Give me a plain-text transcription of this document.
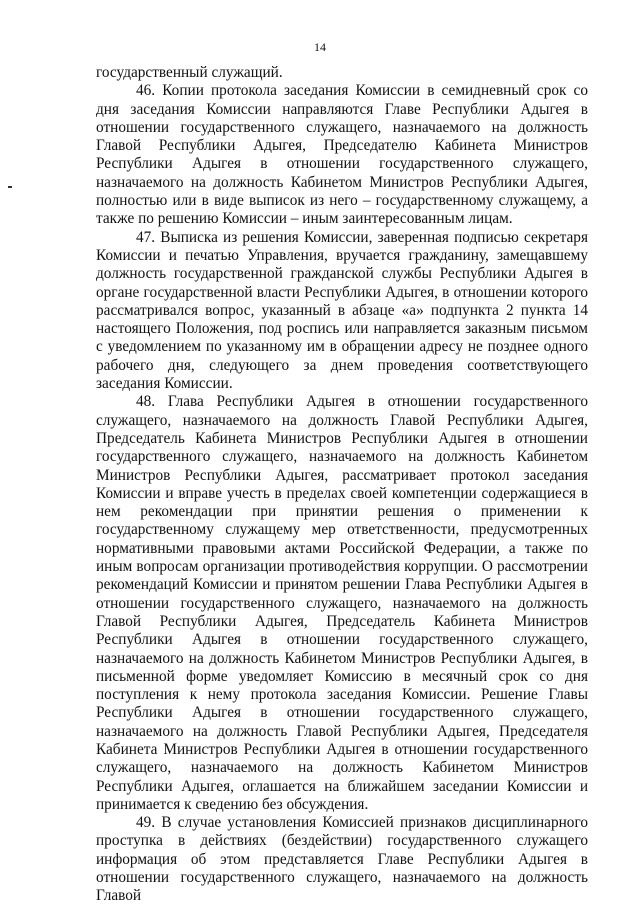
14

государственный служащий.

46. Копии протокола заседания Комиссии в семидневный срок со дня заседания Комиссии направляются Главе Республики Адыгея в отношении государственного служащего, назначаемого на должность Главой Республики Адыгея, Председателю Кабинета Министров Республики Адыгея в отношении государственного служащего, назначаемого на должность Кабинетом Министров Республики Адыгея, полностью или в виде выписок из него – государственному служащему, а также по решению Комиссии – иным заинтересованным лицам.

47. Выписка из решения Комиссии, заверенная подписью секретаря Комиссии и печатью Управления, вручается гражданину, замещавшему должность государственной гражданской службы Республики Адыгея в органе государственной власти Республики Адыгея, в отношении которого рассматривался вопрос, указанный в абзаце «а» подпункта 2 пункта 14 настоящего Положения, под роспись или направляется заказным письмом с уведомлением по указанному им в обращении адресу не позднее одного рабочего дня, следующего за днем проведения соответствующего заседания Комиссии.

48. Глава Республики Адыгея в отношении государственного служащего, назначаемого на должность Главой Республики Адыгея, Председатель Кабинета Министров Республики Адыгея в отношении государственного служащего, назначаемого на должность Кабинетом Министров Республики Адыгея, рассматривает протокол заседания Комиссии и вправе учесть в пределах своей компетенции содержащиеся в нем рекомендации при принятии решения о применении к государственному служащему мер ответственности, предусмотренных нормативными правовыми актами Российской Федерации, а также по иным вопросам организации противодействия коррупции. О рассмотрении рекомендаций Комиссии и принятом решении Глава Республики Адыгея в отношении государственного служащего, назначаемого на должность Главой Республики Адыгея, Председатель Кабинета Министров Республики Адыгея в отношении государственного служащего, назначаемого на должность Кабинетом Министров Республики Адыгея, в письменной форме уведомляет Комиссию в месячный срок со дня поступления к нему протокола заседания Комиссии. Решение Главы Республики Адыгея в отношении государственного служащего, назначаемого на должность Главой Республики Адыгея, Председателя Кабинета Министров Республики Адыгея в отношении государственного служащего, назначаемого на должность Кабинетом Министров Республики Адыгея, оглашается на ближайшем заседании Комиссии и принимается к сведению без обсуждения.

49. В случае установления Комиссией признаков дисциплинарного проступка в действиях (бездействии) государственного служащего информация об этом представляется Главе Республики Адыгея в отношении государственного служащего, назначаемого на должность Главой
